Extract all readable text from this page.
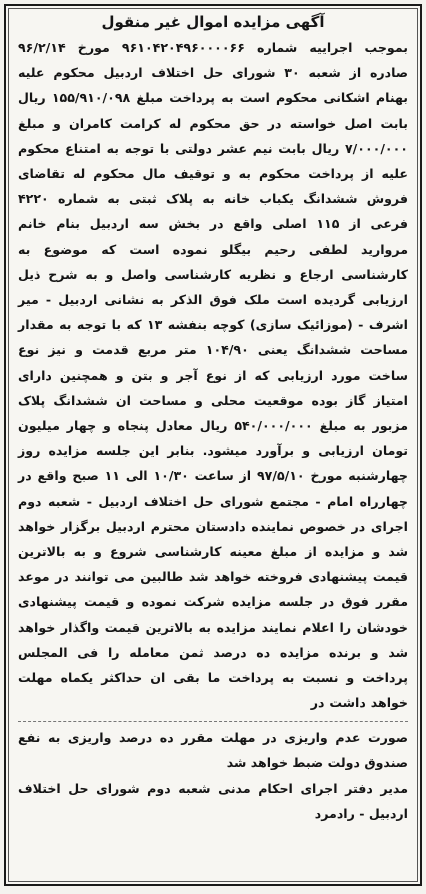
آگهی مزایده اموال غیر منقول

بموجب اجراییه شماره ۹۶۱۰۴۲۰۴۹۶۰۰۰۰۶۶ مورخ ۹۶/۲/۱۴ صادره از شعبه ۳۰ شورای حل اختلاف اردبیل محکوم علیه بهنام اشکانی محکوم است به پرداخت مبلغ ۱۵۵/۹۱۰/۰۹۸ ریال بابت اصل خواسته در حق محکوم له کرامت کامران و مبلغ ۷/۰۰۰/۰۰۰ ریال بابت نیم عشر دولتی با توجه به امتناع محکوم علیه از پرداخت محکوم به و توقیف مال محکوم له تقاضای فروش ششدانگ یکباب خانه به پلاک ثبتی به شماره ۴۲۲۰ فرعی از ۱۱۵ اصلی واقع در بخش سه اردبیل بنام خانم مروارید لطفی رحیم بیگلو نموده است که موضوع به کارشناسی ارجاع و نظریه کارشناسی واصل و به شرح ذیل ارزیابی گردیده است ملک فوق الذکر به نشانی اردبیل - میر اشرف - (موزائیک سازی) کوچه بنفشه ۱۳ که با توجه به مقدار مساحت ششدانگ یعنی ۱۰۴/۹۰ متر مربع قدمت و نیز نوع ساخت مورد ارزیابی که از نوع آجر و بتن و همچنین دارای امتیاز گاز بوده موقعیت محلی و مساحت ان ششدانگ پلاک مزبور به مبلغ ۵۴۰/۰۰۰/۰۰۰ ریال معادل پنجاه و چهار میلیون تومان ارزیابی و برآورد میشود. بنابر این جلسه مزایده روز چهارشنبه مورخ ۹۷/۵/۱۰ از ساعت ۱۰/۳۰ الی ۱۱ صبح واقع در چهارراه امام - مجتمع شورای حل اختلاف اردبیل - شعبه دوم اجرای در خصوص نماینده دادستان محترم اردبیل برگزار خواهد شد و مزایده از مبلغ معینه کارشناسی شروع و به بالاترین قیمت پیشنهادی فروخته خواهد شد طالبین می توانند در موعد مقرر فوق در جلسه مزایده شرکت نموده و قیمت پیشنهادی خودشان را اعلام نمایند مزایده به بالاترین قیمت واگذار خواهد شد و برنده مزایده ده درصد ثمن معامله را فی المجلس پرداخت و نسبت به پرداخت ما بقی ان حداکثر یکماه مهلت خواهد داشت در

صورت عدم واریزی در مهلت مقرر ده درصد واریزی به نفع صندوق دولت ضبط خواهد شد

مدیر دفتر اجرای احکام مدنی شعبه دوم شورای حل اختلاف اردبیل - رادمرد
